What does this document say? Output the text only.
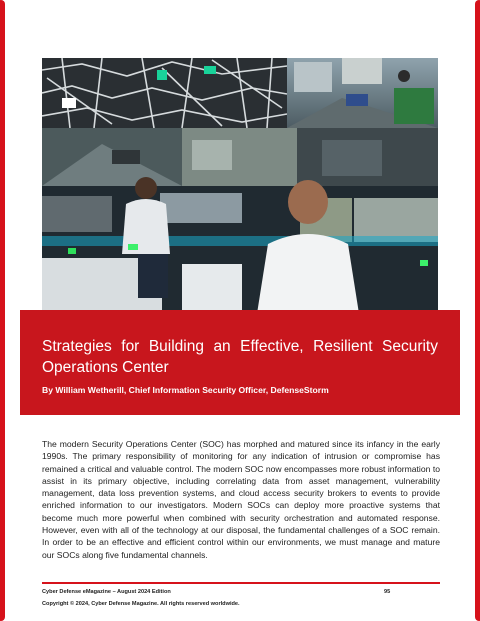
Strategies for Building an Effective, Resilient Security Operations Center
By William Wetherill, Chief Information Security Officer, DefenseStorm
The modern Security Operations Center (SOC) has morphed and matured since its infancy in the early 1990s. The primary responsibility of monitoring for any indication of intrusion or compromise has remained a critical and valuable control. The modern SOC now encompasses more robust information to assist in its primary objective, including correlating data from asset management, vulnerability management, data loss prevention systems, and cloud access security brokers to events to provide enriched information to our investigators. Modern SOCs can deploy more proactive systems that become much more powerful when combined with security orchestration and automated response. However, even with all of the technology at our disposal, the fundamental challenges of a SOC remain. In order to be an effective and efficient control within our environments, we must manage and mature our SOCs along five fundamental channels.
Cyber Defense eMagazine – August 2024 Edition	95
Copyright © 2024, Cyber Defense Magazine. All rights reserved worldwide.
